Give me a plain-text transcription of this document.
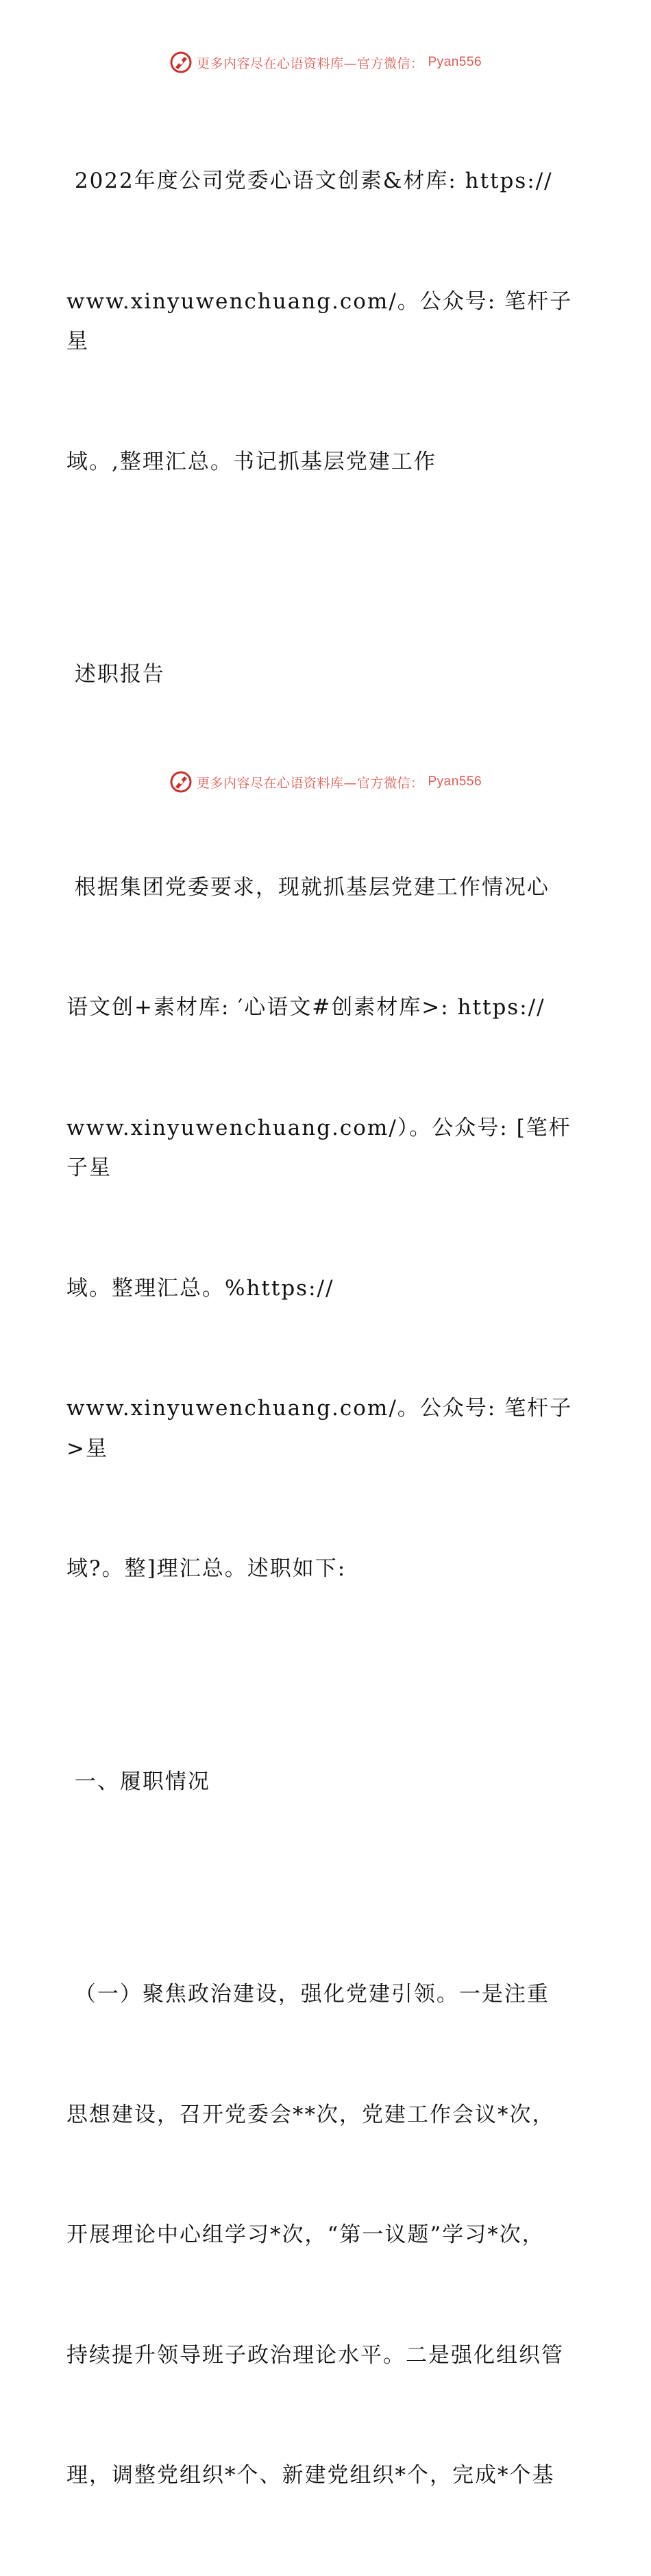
更多内容尽在心语资料库—官方微信： Pyan556

2022年度公司党委心语文创素&材库: https://

www.xinyuwenchuang.com/。公众号: 笔杆子星

域。,整理汇总。书记抓基层党建工作

述职报告

根据集团党委要求，现就抓基层党建工作情况心

语文创+素材库: ′心语文#创素材库>: https://

www.xinyuwenchuang.com/）。公众号: [笔杆子星

域。整理汇总。%https://

www.xinyuwenchuang.com/。公众号: 笔杆子>星

域?。整]理汇总。述职如下:

一、履职情况

（一）聚焦政治建设，强化党建引领。一是注重

思想建设，召开党委会**次，党建工作会议*次，

开展理论中心组学习*次，“第一议题”学习*次，

持续提升领导班子政治理论水平。二是强化组织管

理，调整党组织*个、新建党组织*个，完成*个基

更多内容尽在心语资料库—官方微信： Pyan556
